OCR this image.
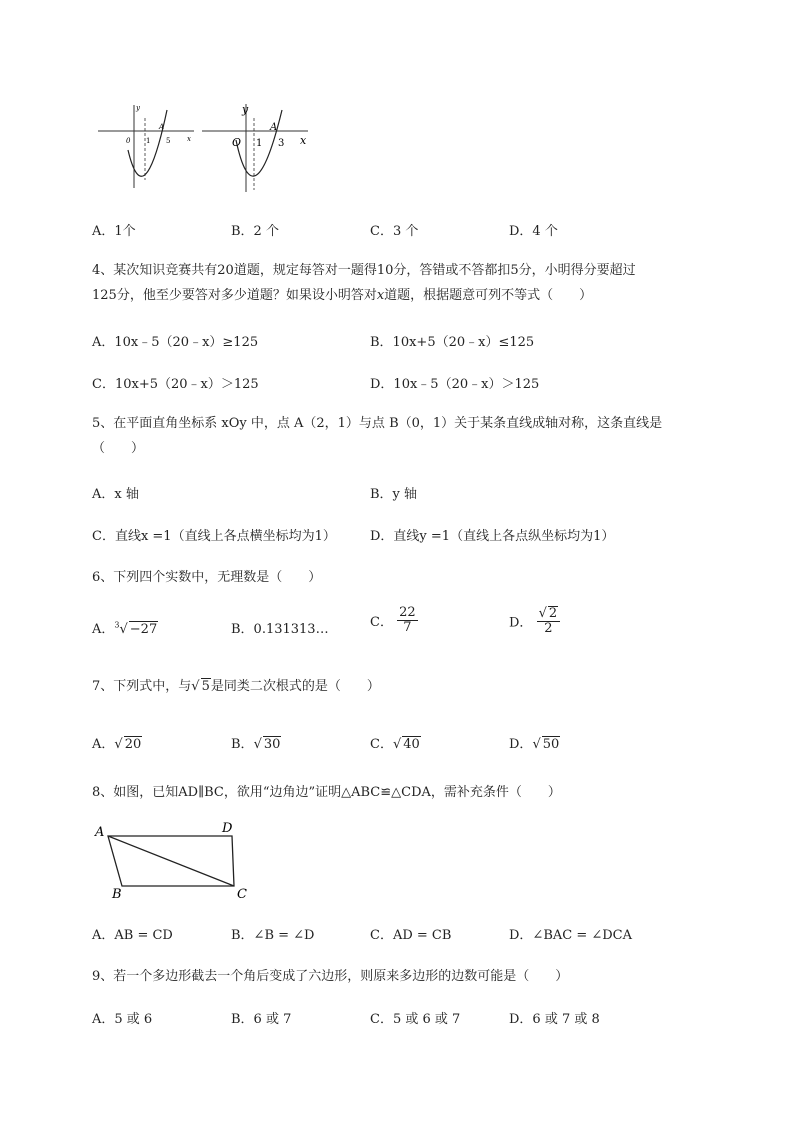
y
x
0 1
A
5
y
x
O 1
A
3
A．1个	B．2 个	C．3 个	D．4 个
4、某次知识竞赛共有20道题，规定每答对一题得10分，答错或不答都扣5分，小明得分要超过
125分，他至少要答对多少道题？如果设小明答对x道题，根据题意可列不等式（　　）
A．10x﹣5（20﹣x）≥125	B．10x+5（20﹣x）≤125
C．10x+5（20﹣x）＞125	D．10x﹣5（20﹣x）＞125
5、在平面直角坐标系 xOy 中，点 A（2，1）与点 B（0，1）关于某条直线成轴对称，这条直线是
（　　）
A．x 轴	B．y 轴
C．直线x =1（直线上各点横坐标均为1）	D．直线y =1（直线上各点纵坐标均为1）
6、下列四个实数中，无理数是（　　）
A．$^3$√ −27	B．0.131313…	C． $\frac{22}{7}$	D． $\frac{√ 2}{2}$
7、下列式中，与√ 5是同类二次根式的是（　　）
A．√ 20	B．√ 30	C．√ 40	D．√ 50
8、如图，已知AD∥BC，欲用“边角边”证明△ABC≌△CDA，需补充条件（　　）
A	D
B	C
A．AB = CD	B．∠B = ∠D	C．AD = CB	D．∠BAC = ∠DCA
9、若一个多边形截去一个角后变成了六边形，则原来多边形的边数可能是（　　）
A．5 或 6	B．6 或 7	C．5 或 6 或 7	D．6 或 7 或 8
